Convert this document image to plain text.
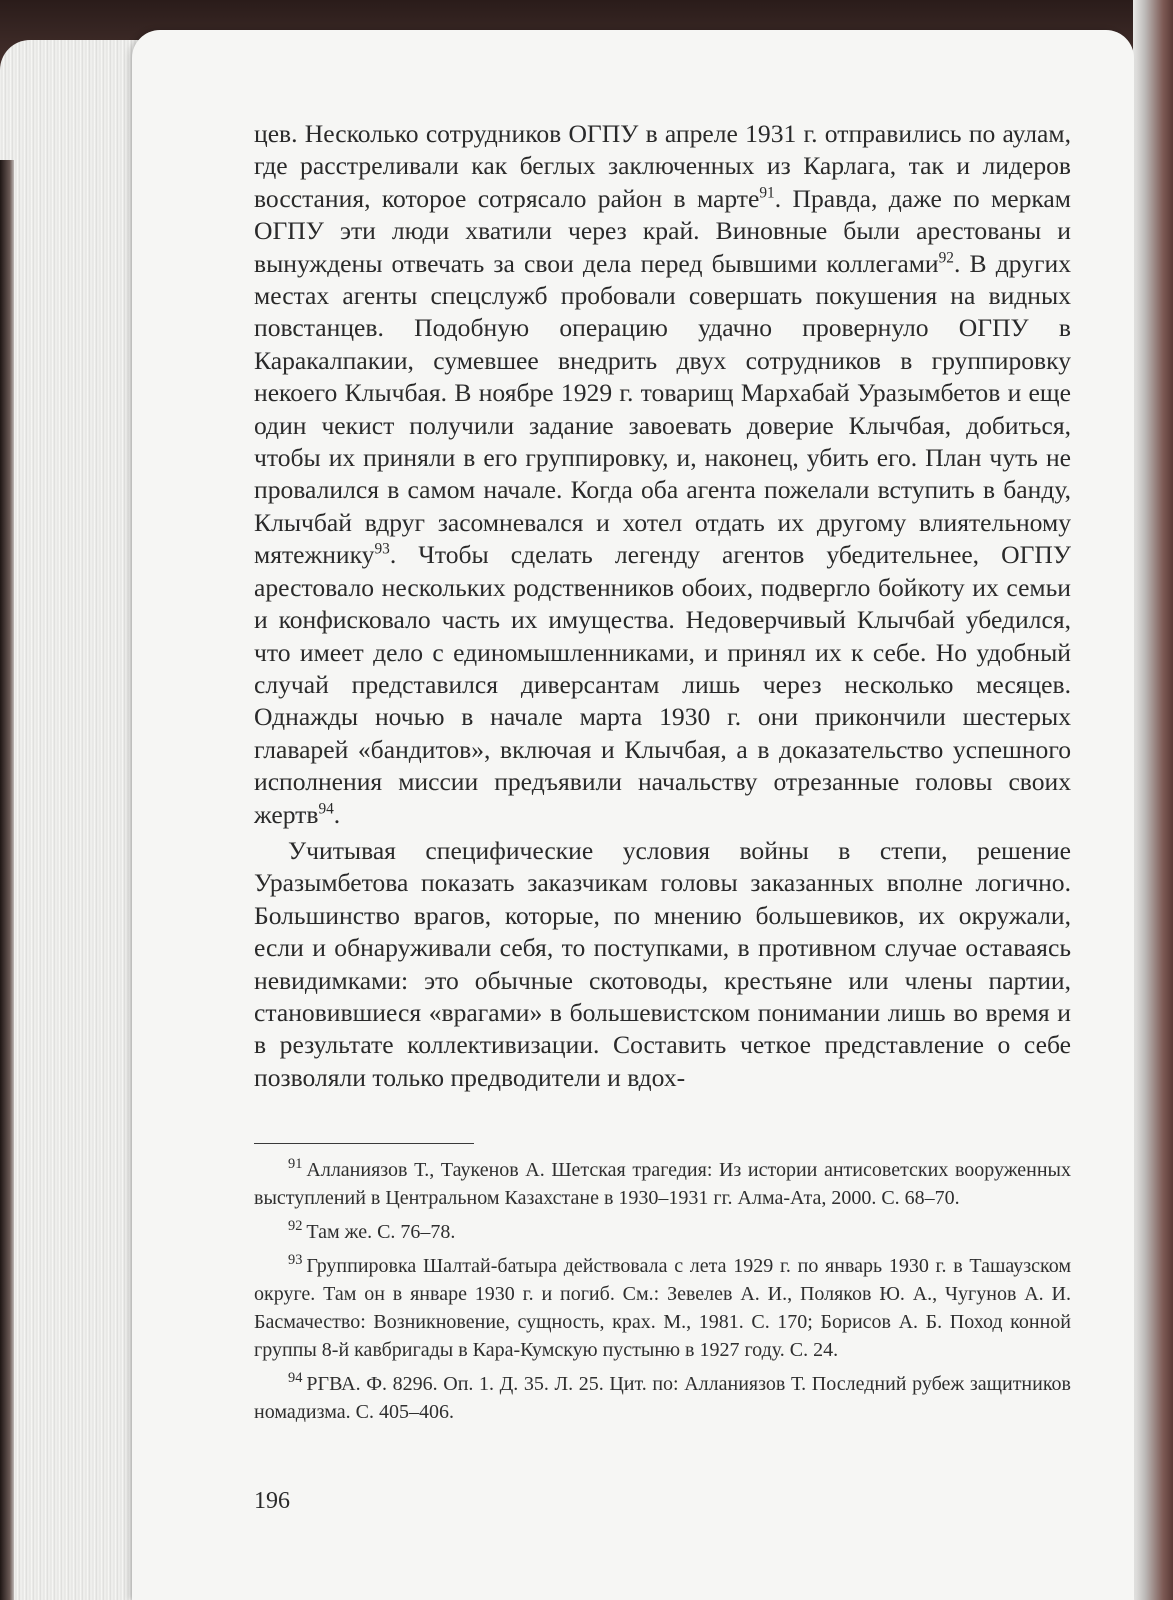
цев. Несколько сотрудников ОГПУ в апреле 1931 г. отправились по аулам, где расстреливали как беглых заключенных из Карлага, так и лидеров восстания, которое сотрясало район в марте$^{91}$. Правда, даже по меркам ОГПУ эти люди хватили через край. Виновные были арестованы и вынуждены отвечать за свои дела перед бывшими коллегами$^{92}$. В других местах агенты спецслужб пробовали совершать покушения на видных повстанцев. Подобную операцию удачно провернуло ОГПУ в Каракалпакии, сумевшее внедрить двух сотрудников в группировку некоего Клычбая. В ноябре 1929 г. товарищ Мархабай Уразымбетов и еще один чекист получили задание завоевать доверие Клычбая, добиться, чтобы их приняли в его группировку, и, наконец, убить его. План чуть не провалился в самом начале. Когда оба агента пожелали вступить в банду, Клычбай вдруг засомневался и хотел отдать их другому влиятельному мятежнику$^{93}$. Чтобы сделать легенду агентов убедительнее, ОГПУ арестовало нескольких родственников обоих, подвергло бойкоту их семьи и конфисковало часть их имущества. Недоверчивый Клычбай убедился, что имеет дело с единомышленниками, и принял их к себе. Но удобный случай представился диверсантам лишь через несколько месяцев. Однажды ночью в начале марта 1930 г. они прикончили шестерых главарей «бандитов», включая и Клычбая, а в доказательство успешного исполнения миссии предъявили начальству отрезанные головы своих жертв$^{94}$.

Учитывая специфические условия войны в степи, решение Уразымбетова показать заказчикам головы заказанных вполне логично. Большинство врагов, которые, по мнению большевиков, их окружали, если и обнаруживали себя, то поступками, в противном случае оставаясь невидимками: это обычные скотоводы, крестьяне или члены партии, становившиеся «врагами» в большевистском понимании лишь во время и в результате коллективизации. Составить четкое представление о себе позволяли только предводители и вдох-

$^{91}$ Алланиязов Т., Таукенов А. Шетская трагедия: Из истории антисоветских вооруженных выступлений в Центральном Казахстане в 1930–1931 гг. Алма-Ата, 2000. С. 68–70.

$^{92}$ Там же. С. 76–78.

$^{93}$ Группировка Шалтай-батыра действовала с лета 1929 г. по январь 1930 г. в Ташаузском округе. Там он в январе 1930 г. и погиб. См.: Зевелев А. И., Поляков Ю. А., Чугунов А. И. Басмачество: Возникновение, сущность, крах. М., 1981. С. 170; Борисов А. Б. Поход конной группы 8-й кавбригады в Кара-Кумскую пустыню в 1927 году. С. 24.

$^{94}$ РГВА. Ф. 8296. Оп. 1. Д. 35. Л. 25. Цит. по: Алланиязов Т. Последний рубеж защитников номадизма. С. 405–406.

196
